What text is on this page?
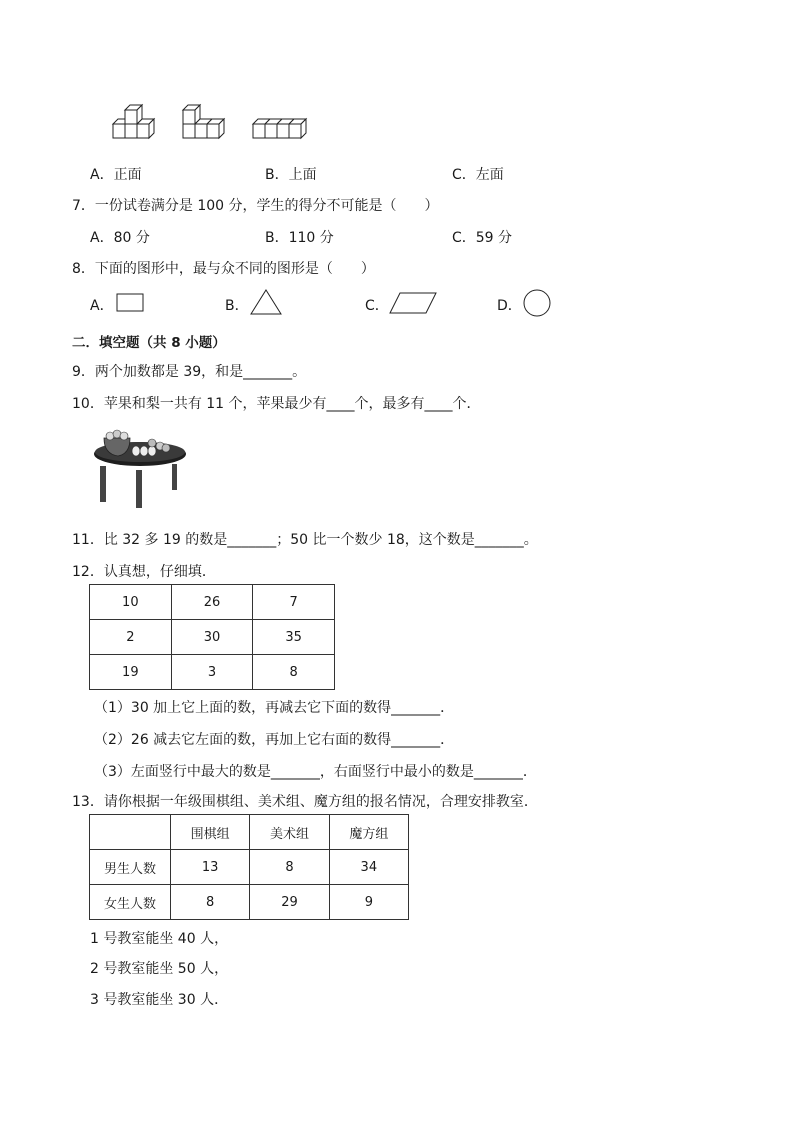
A．正面	B．上面	C．左面
7．一份试卷满分是 100 分，学生的得分不可能是（　　）
A．80 分	B．110 分	C．59 分
8．下面的图形中，最与众不同的图形是（　　）
A．	B．	C．	D．
二．填空题（共 8 小题）
9．两个加数都是 39，和是_______。
10．苹果和梨一共有 11 个，苹果最少有____个，最多有____个．
11．比 32 多 19 的数是_______；50 比一个数少 18，这个数是_______。
12．认真想，仔细填．
10	26	7
2	30	35
19	3	8
（1）30 加上它上面的数，再减去它下面的数得_______．
（2）26 减去它左面的数，再加上它右面的数得_______．
（3）左面竖行中最大的数是_______，右面竖行中最小的数是_______．
13．请你根据一年级围棋组、美术组、魔方组的报名情况，合理安排教室．
	围棋组	美术组	魔方组
男生人数	13	8	34
女生人数	8	29	9
1 号教室能坐 40 人，
2 号教室能坐 50 人，
3 号教室能坐 30 人．
